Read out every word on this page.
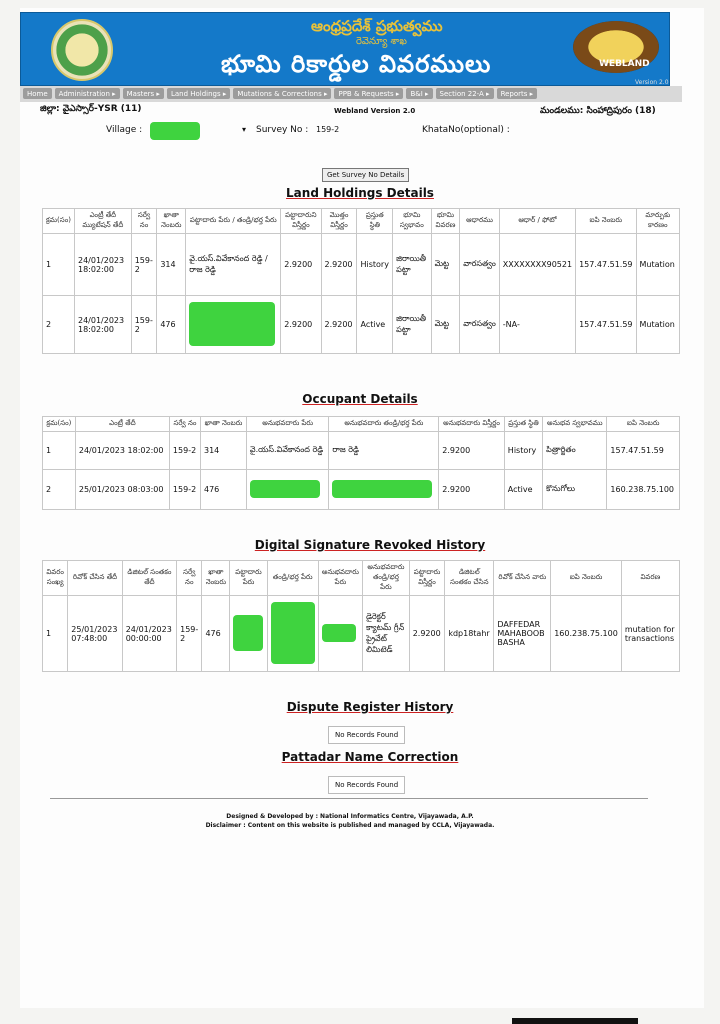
ఆంధ్రప్రదేశ్ ప్రభుత్వము
రెవెన్యూ శాఖ
భూమి రికార్డుల వివరములు	WEBLAND
Version 2.0
Home	Administration ▸	Masters ▸	Land Holdings ▸	Mutations & Corrections ▸	PPB & Requests ▸	B&I ▸	Section 22-A ▸	Reports ▸
జిల్లా: వైఎస్సార్-YSR (11)	Webland Version 2.0	మండలము: సింహాద్రిపురం (18)
Village :	▾ Survey No : 159-2	KhataNo(optional) :
Get Survey No Details
Land Holdings Details
క్రమ(సం)	ఎంట్రీ తేదీ మ్యుటేషన్ తేదీ	సర్వే నం	ఖాతా నెంబరు	పట్టాదారు పేరు / తండ్రి/భర్త పేరు	పట్టాదారుని విస్తీర్ణం	మొత్తం విస్తీర్ణం	ప్రస్తుత స్థితి	భూమి స్వభావం	భూమి వివరణ	ఆధారము	ఆధార్ / ఫోటో	ఐపి నెంబరు	మార్పుకు కారణం
1	24/01/2023 18:02:00	159-2	314	వై.యస్.వివేకానంద రెడ్డి / రాజ రెడ్డి	2.9200	2.9200	History	జిరాయితీ పట్టా	మెట్ట	వారసత్వం	XXXXXXXX90521	157.47.51.59	Mutation
2	24/01/2023 18:02:00	159-2	476		2.9200	2.9200	Active	జిరాయితీ పట్టా	మెట్ట	వారసత్వం	-NA-	157.47.51.59	Mutation
Occupant Details
క్రమ(సం)	ఎంట్రీ తేదీ	సర్వే నం	ఖాతా నెంబరు	అనుభవదారు పేరు	అనుభవదారు తండ్రి/భర్త పేరు	అనుభవదారు విస్తీర్ణం	ప్రస్తుత స్థితి	అనుభవ స్వభావము	ఐపి నెంబరు
1	24/01/2023 18:02:00	159-2	314	వై.యస్.వివేకానంద రెడ్డి	రాజ రెడ్డి	2.9200	History	పిత్రార్జితం	157.47.51.59
2	25/01/2023 08:03:00	159-2	476			2.9200	Active	కొనుగోలు	160.238.75.100
Digital Signature Revoked History
వివరం సంఖ్య	రివోక్ చేసిన తేదీ	డిజిటల్ సంతకం తేదీ	సర్వే నం	ఖాతా నెంబరు	పట్టాదారు పేరు	తండ్రి/భర్త పేరు	అనుభవదారు పేరు	అనుభవదారు తండ్రి/భర్త పేరు	పట్టాదారు విస్తీర్ణం	డిజిటల్ సంతకం చేసిన	రివోక్ చేసిన వారు	ఐపి నెంబరు	వివరణ
1	25/01/2023 07:48:00	24/01/2023 00:00:00	159-2	476				డైరెక్టర్ క్యాటమ్ గ్రీన్ ప్రైవేట్ లిమిటెడ్	2.9200	kdp18tahr	DAFFEDAR MAHABOOB BASHA	160.238.75.100	mutation for transactions
Dispute Register History
No Records Found
Pattadar Name Correction
No Records Found
Designed & Developed by : National Informatics Centre, Vijayawada, A.P.
Disclaimer : Content on this website is published and managed by CCLA, Vijayawada.
